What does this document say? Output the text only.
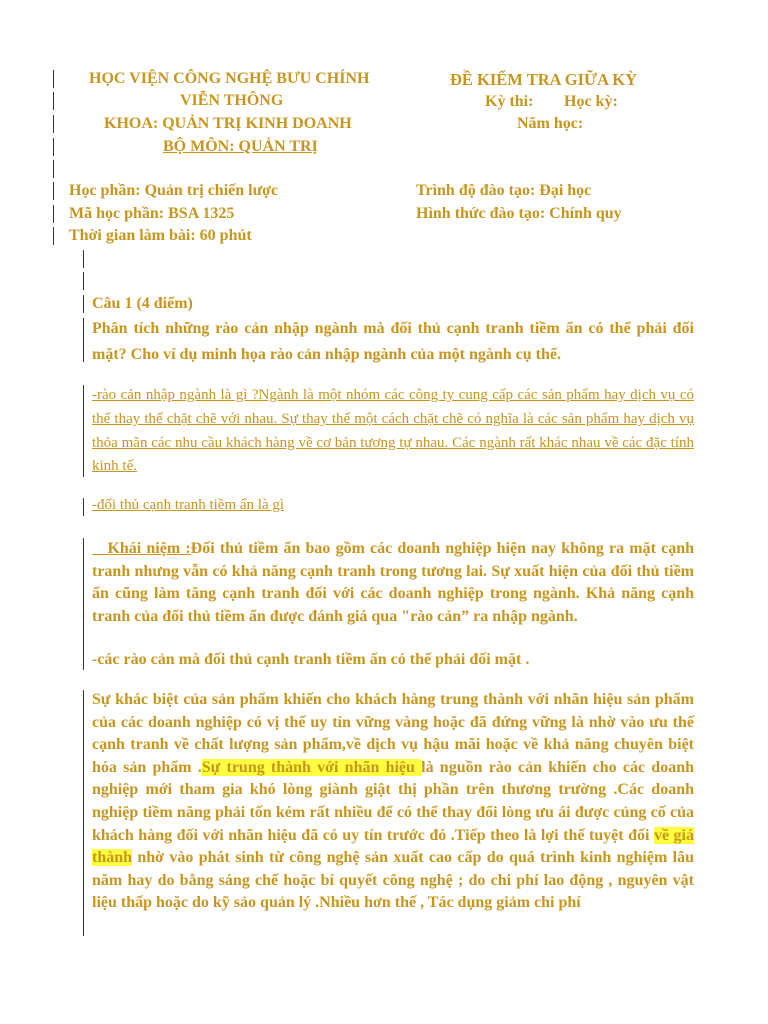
HỌC VIỆN CÔNG NGHỆ BƯU CHÍNH
VIỄN THÔNG
KHOA: QUẢN TRỊ KINH DOANH
BỘ MÔN: QUẢN TRỊ
ĐỀ KIỂM TRA GIỮA KỲ
Kỳ thi: Học kỳ:
Năm học:
Học phần: Quản trị chiến lược
Mã học phần: BSA 1325
Thời gian làm bài: 60 phút
Trình độ đào tạo: Đại học
Hình thức đào tạo: Chính quy
Câu 1 (4 điểm)
Phân tích những rào cản nhập ngành mà đối thủ cạnh tranh tiềm ẩn có thể phải đối mặt? Cho ví dụ minh họa rào cản nhập ngành của một ngành cụ thể.
-rào cản nhập ngành là gì ?Ngành là một nhóm các công ty cung cấp các sản phẩm hay dịch vụ có thể thay thế chặt chẽ với nhau. Sự thay thế một cách chặt chẽ có nghĩa là các sản phẩm hay dịch vụ thỏa mãn các nhu cầu khách hàng về cơ bản tương tự nhau. Các ngành rất khác nhau về các đặc tính kinh tế.
-đối thủ cạnh tranh tiềm ẩn là gì
Khái niệm :Đối thủ tiềm ẩn bao gồm các doanh nghiệp hiện nay không ra mặt cạnh tranh nhưng vẫn có khả năng cạnh tranh trong tương lai. Sự xuất hiện của đối thủ tiềm ẩn cũng làm tăng cạnh tranh đối với các doanh nghiệp trong ngành. Khả năng cạnh tranh của đối thủ tiềm ẩn được đánh giá qua "rào cản” ra nhập ngành.
-các rào cản mà đối thủ cạnh tranh tiềm ẩn có thể phải đối mặt .
Sự khác biệt của sản phẩm khiến cho khách hàng trung thành với nhãn hiệu sản phẩm của các doanh nghiệp có vị thế uy tín vững vàng hoặc đã đứng vững là nhờ vào ưu thế cạnh tranh về chất lượng sản phẩm,về dịch vụ hậu mãi hoặc về khả năng chuyên biệt hóa sản phẩm .Sự trung thành với nhãn hiệu là nguồn rào cản khiến cho các doanh nghiệp mới tham gia khó lòng giành giật thị phần trên thương trường .Các doanh nghiệp tiềm năng phải tốn kém rất nhiều để có thể thay đổi lòng ưu ái được củng cố của khách hàng đối với nhãn hiệu đã có uy tín trước đó .Tiếp theo là lợi thế tuyệt đối về giá thành nhờ vào phát sinh từ công nghệ sản xuất cao cấp do quá trình kinh nghiệm lâu năm hay do bằng sáng chế hoặc bí quyết công nghệ ; do chi phí lao động , nguyên vật liệu thấp hoặc do kỹ sảo quản lý .Nhiều hơn thế , Tác dụng giảm chi phí
